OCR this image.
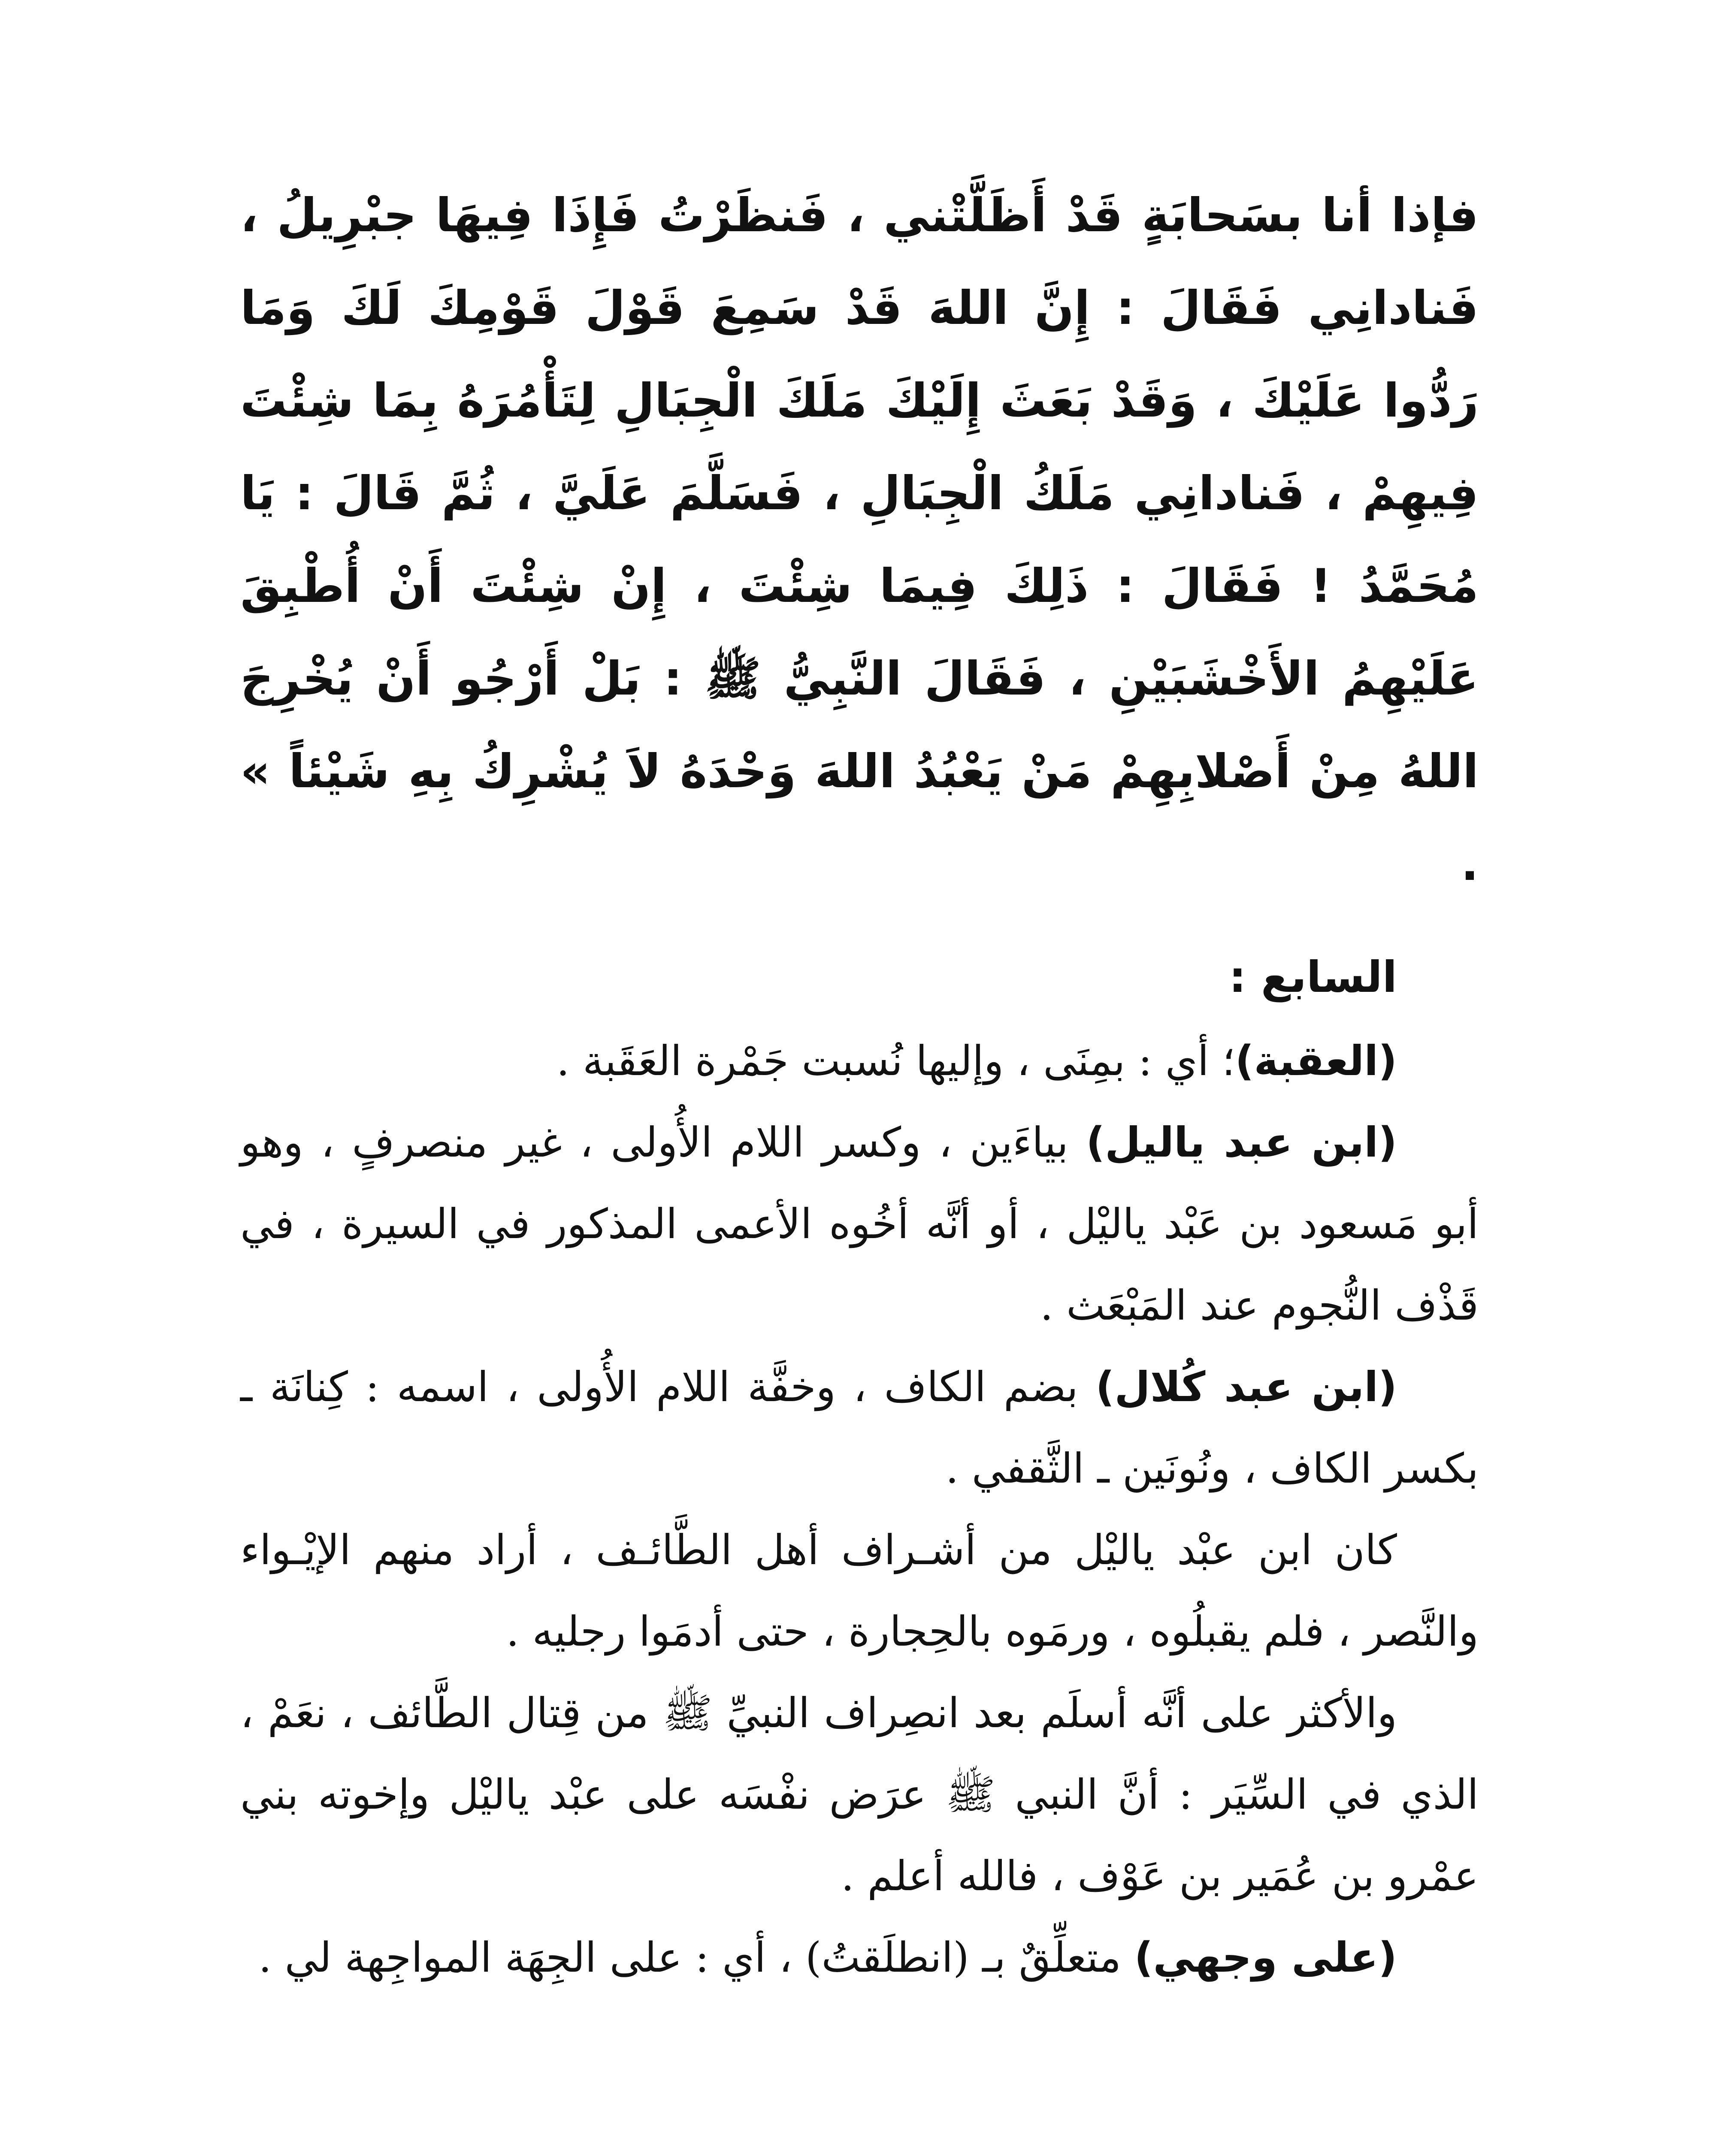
فإذا أنا بسَحابَةٍ قَدْ أَظَلَّتْني ، فَنظَرْتُ فَإِذَا فِيهَا جبْرِيلُ ، فَنادانِي فَقَالَ : إِنَّ اللهَ قَدْ سَمِعَ قَوْلَ قَوْمِكَ لَكَ وَمَا رَدُّوا عَلَيْكَ ، وَقَدْ بَعَثَ إِلَيْكَ مَلَكَ الْجِبَالِ لِتَأْمُرَهُ بِمَا شِئْتَ فِيهِمْ ، فَنادانِي مَلَكُ الْجِبَالِ ، فَسَلَّمَ عَلَيَّ ، ثُمَّ قَالَ : يَا مُحَمَّدُ ! فَقَالَ : ذَلِكَ فِيمَا شِئْتَ ، إِنْ شِئْتَ أَنْ أُطْبِقَ عَلَيْهِمُ الأَخْشَبَيْنِ ، فَقَالَ النَّبِيُّ ﷺ : بَلْ أَرْجُو أَنْ يُخْرِجَ اللهُ مِنْ أَصْلابِهِمْ مَنْ يَعْبُدُ اللهَ وَحْدَهُ لاَ يُشْرِكُ بِهِ شَيْئاً » .

السابع :

(العقبة)؛ أي : بمِنَى ، وإليها نُسبت جَمْرة العَقَبة .

(ابن عبد ياليل) بياءَين ، وكسر اللام الأُولى ، غير منصرفٍ ، وهو أبو مَسعود بن عَبْد ياليْل ، أو أنَّه أخُوه الأعمى المذكور في السيرة ، في قَذْف النُّجوم عند المَبْعَث .

(ابن عبد كُلال) بضم الكاف ، وخفَّة اللام الأُولى ، اسمه : كِنانَة ـ بكسر الكاف ، ونُونَين ـ الثَّقفي .

كان ابن عبْد ياليْل من أشـراف أهل الطَّائـف ، أراد منهم الإيْـواء والنَّصر ، فلم يقبلُوه ، ورمَوه بالحِجارة ، حتى أدمَوا رجليه .

والأكثر على أنَّه أسلَم بعد انصِراف النبيِّ ﷺ من قِتال الطَّائف ، نعَمْ ، الذي في السِّيَر : أنَّ النبي ﷺ عرَض نفْسَه على عبْد ياليْل وإخوته بني عمْرو بن عُمَير بن عَوْف ، فالله أعلم .

(على وجهي) متعلِّقٌ بـ (انطلَقتُ) ، أي : على الجِهَة المواجِهة لي .
